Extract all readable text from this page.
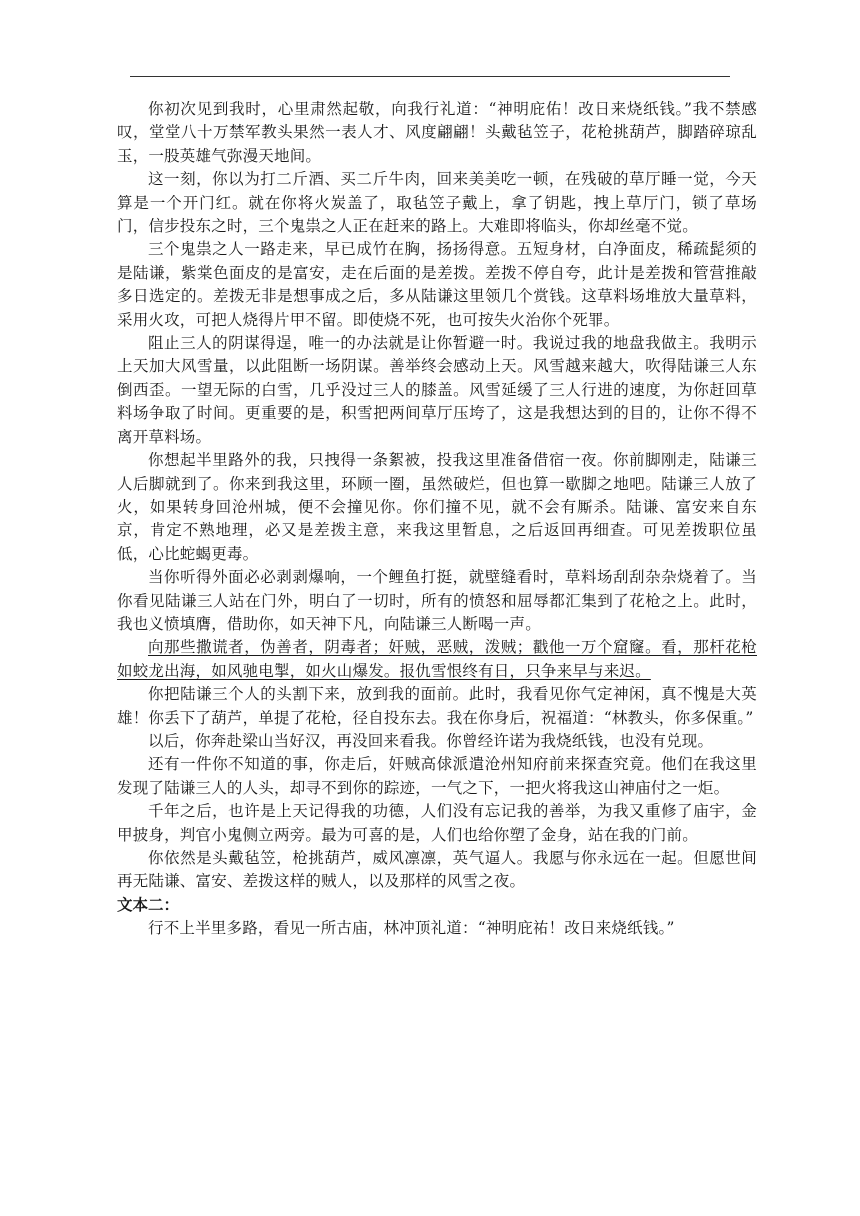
你初次见到我时，心里肃然起敬，向我行礼道：“神明庇佑！改日来烧纸钱。”我不禁感叹，堂堂八十万禁军教头果然一表人才、风度翩翩！头戴毡笠子，花枪挑葫芦，脚踏碎琼乱玉，一股英雄气弥漫天地间。

这一刻，你以为打二斤酒、买二斤牛肉，回来美美吃一顿，在残破的草厅睡一觉，今天算是一个开门红。就在你将火炭盖了，取毡笠子戴上，拿了钥匙，拽上草厅门，锁了草场门，信步投东之时，三个鬼祟之人正在赶来的路上。大难即将临头，你却丝毫不觉。

三个鬼祟之人一路走来，早已成竹在胸，扬扬得意。五短身材，白净面皮，稀疏髭须的是陆谦，紫棠色面皮的是富安，走在后面的是差拨。差拨不停自夸，此计是差拨和管营推敲多日选定的。差拨无非是想事成之后，多从陆谦这里领几个赏钱。这草料场堆放大量草料，采用火攻，可把人烧得片甲不留。即使烧不死，也可按失火治你个死罪。

阻止三人的阴谋得逞，唯一的办法就是让你暂避一时。我说过我的地盘我做主。我明示上天加大风雪量，以此阻断一场阴谋。善举终会感动上天。风雪越来越大，吹得陆谦三人东倒西歪。一望无际的白雪，几乎没过三人的膝盖。风雪延缓了三人行进的速度，为你赶回草料场争取了时间。更重要的是，积雪把两间草厅压垮了，这是我想达到的目的，让你不得不离开草料场。

你想起半里路外的我，只拽得一条絮被，投我这里准备借宿一夜。你前脚刚走，陆谦三人后脚就到了。你来到我这里，环顾一圈，虽然破烂，但也算一歇脚之地吧。陆谦三人放了火，如果转身回沧州城，便不会撞见你。你们撞不见，就不会有厮杀。陆谦、富安来自东京，肯定不熟地理，必又是差拨主意，来我这里暂息，之后返回再细查。可见差拨职位虽低，心比蛇蝎更毒。

当你听得外面必必剥剥爆响，一个鲤鱼打挺，就壁缝看时，草料场刮刮杂杂烧着了。当你看见陆谦三人站在门外，明白了一切时，所有的愤怒和屈辱都汇集到了花枪之上。此时，我也义愤填膺，借助你，如天神下凡，向陆谦三人断喝一声。

向那些撒谎者，伪善者，阴毒者；奸贼，恶贼，泼贼；戳他一万个窟窿。看，那杆花枪如蛟龙出海，如风驰电掣，如火山爆发。报仇雪恨终有日，只争来早与来迟。

你把陆谦三个人的头割下来，放到我的面前。此时，我看见你气定神闲，真不愧是大英雄！你丢下了葫芦，单提了花枪，径自投东去。我在你身后，祝福道：“林教头，你多保重。”

以后，你奔赴梁山当好汉，再没回来看我。你曾经许诺为我烧纸钱，也没有兑现。

还有一件你不知道的事，你走后，奸贼高俅派遣沧州知府前来探查究竟。他们在我这里发现了陆谦三人的人头，却寻不到你的踪迹，一气之下，一把火将我这山神庙付之一炬。

千年之后，也许是上天记得我的功德，人们没有忘记我的善举，为我又重修了庙宇，金甲披身，判官小鬼侧立两旁。最为可喜的是，人们也给你塑了金身，站在我的门前。

你依然是头戴毡笠，枪挑葫芦，威风凛凛，英气逼人。我愿与你永远在一起。但愿世间再无陆谦、富安、差拨这样的贼人，以及那样的风雪之夜。

文本二：

行不上半里多路，看见一所古庙，林冲顶礼道：“神明庇祐！改日来烧纸钱。”
